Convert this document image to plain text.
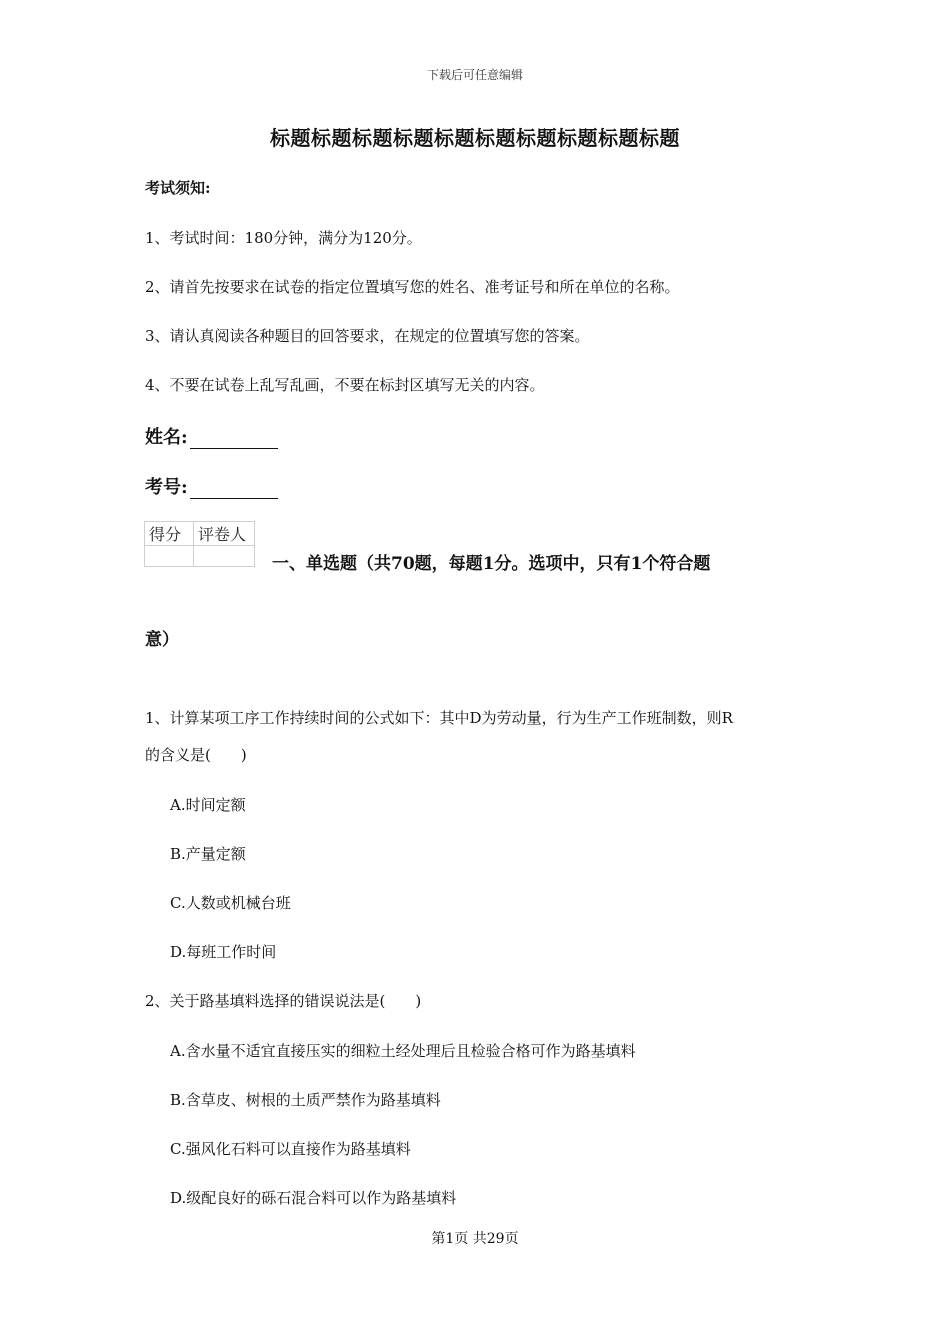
下载后可任意编辑
标题标题标题标题标题标题标题标题标题标题
考试须知:
1、考试时间：180分钟，满分为120分。
2、请首先按要求在试卷的指定位置填写您的姓名、准考证号和所在单位的名称。
3、请认真阅读各种题目的回答要求，在规定的位置填写您的答案。
4、不要在试卷上乱写乱画，不要在标封区填写无关的内容。
姓名:
考号:
得分	评卷人

一、单选题（共70题，每题1分。选项中，只有1个符合题
意）
1、计算某项工序工作持续时间的公式如下：其中D为劳动量，行为生产工作班制数，则R
的含义是(　　)
A.时间定额
B.产量定额
C.人数或机械台班
D.每班工作时间
2、关于路基填料选择的错误说法是(　　)
A.含水量不适宜直接压实的细粒土经处理后且检验合格可作为路基填料
B.含草皮、树根的土质严禁作为路基填料
C.强风化石料可以直接作为路基填料
D.级配良好的砾石混合料可以作为路基填料
第1页 共29页
